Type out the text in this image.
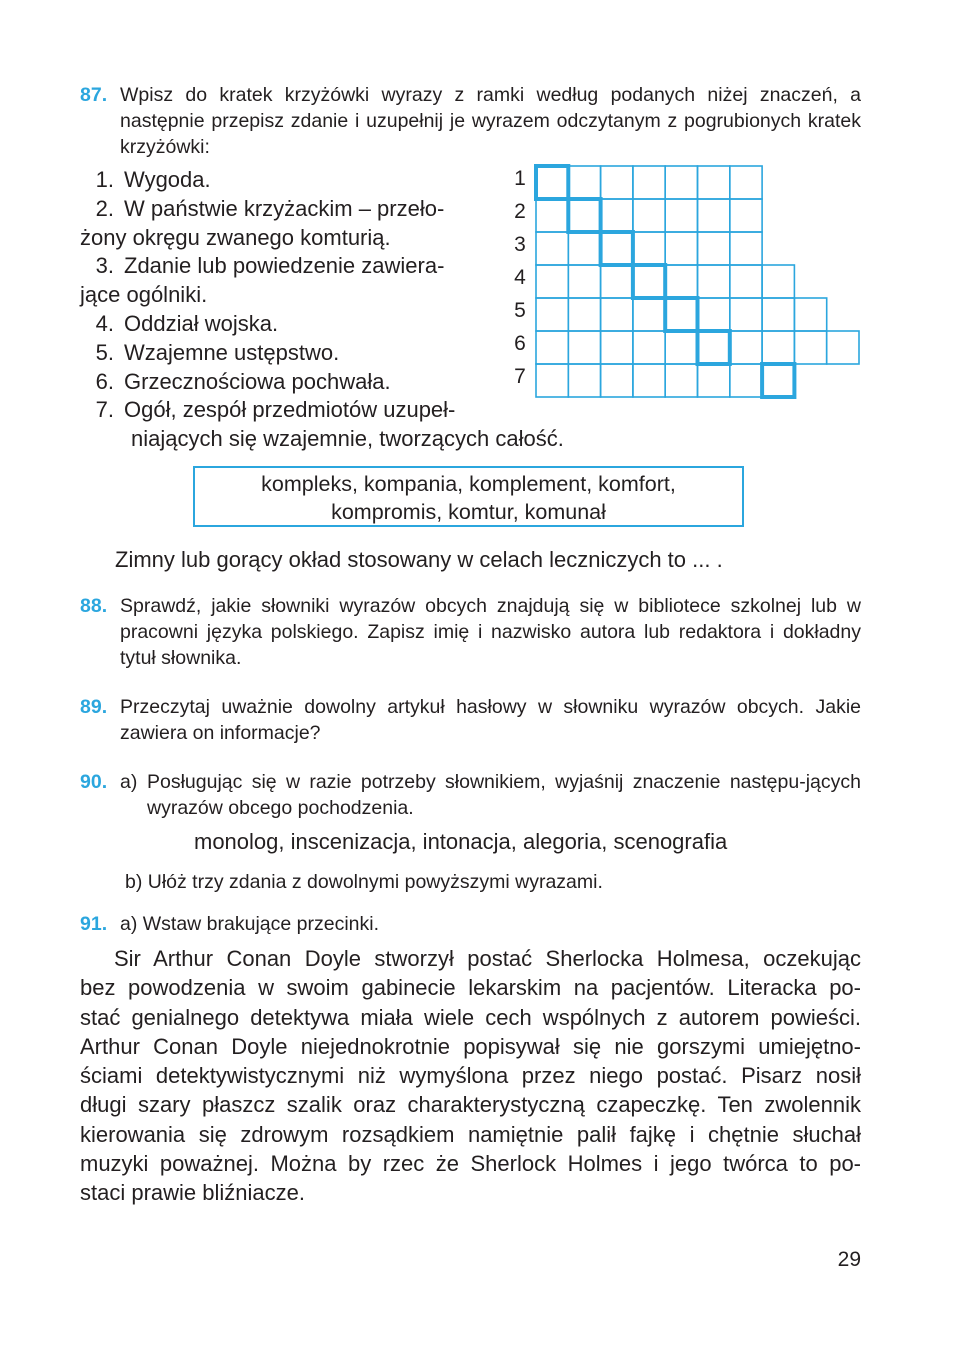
87. Wpisz do kratek krzyżówki wyrazy z ramki według podanych niżej znaczeń, a następnie przepisz zdanie i uzupełnij je wyrazem odczytanym z pogrubionych kratek krzyżówki:
1. Wygoda.
2. W państwie krzyżackim – przeło-
żony okręgu zwanego komturią.
3. Zdanie lub powiedzenie zawiera-
jące ogólniki.
4. Oddział wojska.
5. Wzajemne ustępstwo.
6. Grzecznościowa pochwała.
7. Ogół, zespół przedmiotów uzupeł-
niających się wzajemnie, tworzących całość.
1
2
3
4
5
6
7
kompleks, kompania, komplement, komfort,
kompromis, komtur, komunał
Zimny lub gorący okład stosowany w celach leczniczych to ... .
88. Sprawdź, jakie słowniki wyrazów obcych znajdują się w bibliotece szkolnej lub w pracowni języka polskiego. Zapisz imię i nazwisko autora lub redaktora i dokładny tytuł słownika.
89. Przeczytaj uważnie dowolny artykuł hasłowy w słowniku wyrazów obcych. Jakie zawiera on informacje?
90. a) Posługując się w razie potrzeby słownikiem, wyjaśnij znaczenie następu-jących wyrazów obcego pochodzenia.
monolog, inscenizacja, intonacja, alegoria, scenografia
b) Ułóż trzy zdania z dowolnymi powyższymi wyrazami.
91. a) Wstaw brakujące przecinki.
Sir Arthur Conan Doyle stworzył postać Sherlocka Holmesa, oczekując
bez powodzenia w swoim gabinecie lekarskim na pacjentów. Literacka po-
stać genialnego detektywa miała wiele cech wspólnych z autorem powieści.
Arthur Conan Doyle niejednokrotnie popisywał się nie gorszymi umiejętno-
ściami detektywistycznymi niż wymyślona przez niego postać. Pisarz nosił
długi szary płaszcz szalik oraz charakterystyczną czapeczkę. Ten zwolennik
kierowania się zdrowym rozsądkiem namiętnie palił fajkę i chętnie słuchał
muzyki poważnej. Można by rzec że Sherlock Holmes i jego twórca to po-
staci prawie bliźniacze.
29
